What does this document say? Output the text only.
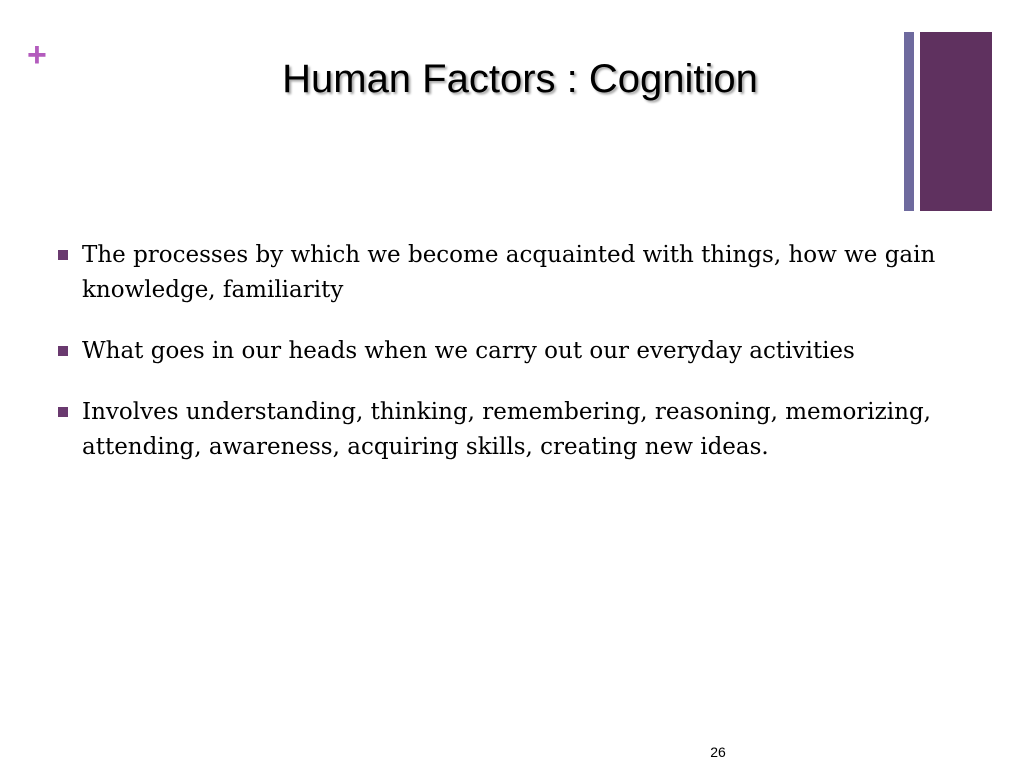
+
Human Factors : Cognition
The processes by which we become acquainted with things, how we gain knowledge, familiarity
What goes in our heads when we carry out our everyday activities
Involves understanding, thinking, remembering, reasoning, memorizing, attending, awareness, acquiring skills, creating new ideas.
26
